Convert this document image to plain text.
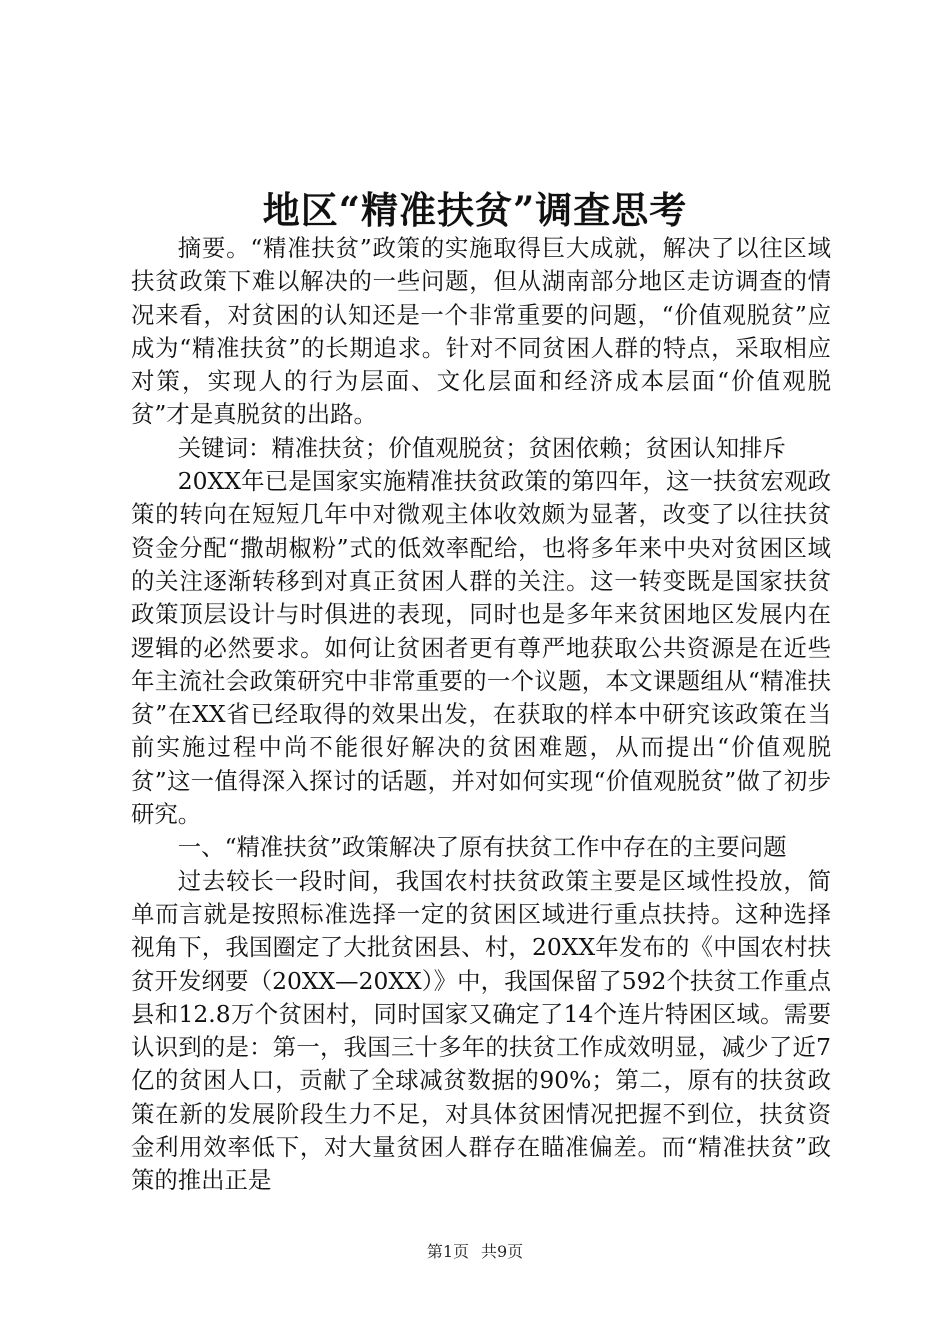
地区“精准扶贫”调查思考

摘要。“精准扶贫”政策的实施取得巨大成就，解决了以往区域扶贫政策下难以解决的一些问题，但从湖南部分地区走访调查的情况来看，对贫困的认知还是一个非常重要的问题，“价值观脱贫”应成为“精准扶贫”的长期追求。针对不同贫困人群的特点，采取相应对策，实现人的行为层面、文化层面和经济成本层面“价值观脱贫”才是真脱贫的出路。

关键词：精准扶贫；价值观脱贫；贫困依赖；贫困认知排斥

20XX年已是国家实施精准扶贫政策的第四年，这一扶贫宏观政策的转向在短短几年中对微观主体收效颇为显著，改变了以往扶贫资金分配“撒胡椒粉”式的低效率配给，也将多年来中央对贫困区域的关注逐渐转移到对真正贫困人群的关注。这一转变既是国家扶贫政策顶层设计与时俱进的表现，同时也是多年来贫困地区发展内在逻辑的必然要求。如何让贫困者更有尊严地获取公共资源是在近些年主流社会政策研究中非常重要的一个议题，本文课题组从“精准扶贫”在XX省已经取得的效果出发，在获取的样本中研究该政策在当前实施过程中尚不能很好解决的贫困难题，从而提出“价值观脱贫”这一值得深入探讨的话题，并对如何实现“价值观脱贫”做了初步研究。

一、“精准扶贫”政策解决了原有扶贫工作中存在的主要问题

过去较长一段时间，我国农村扶贫政策主要是区域性投放，简单而言就是按照标准选择一定的贫困区域进行重点扶持。这种选择视角下，我国圈定了大批贫困县、村，20XX年发布的《中国农村扶贫开发纲要（20XX—20XX）》中，我国保留了592个扶贫工作重点县和12.8万个贫困村，同时国家又确定了14个连片特困区域。需要认识到的是：第一，我国三十多年的扶贫工作成效明显，减少了近7亿的贫困人口，贡献了全球减贫数据的90%；第二，原有的扶贫政策在新的发展阶段生力不足，对具体贫困情况把握不到位，扶贫资金利用效率低下，对大量贫困人群存在瞄准偏差。而“精准扶贫”政策的推出正是

第1页 共9页
